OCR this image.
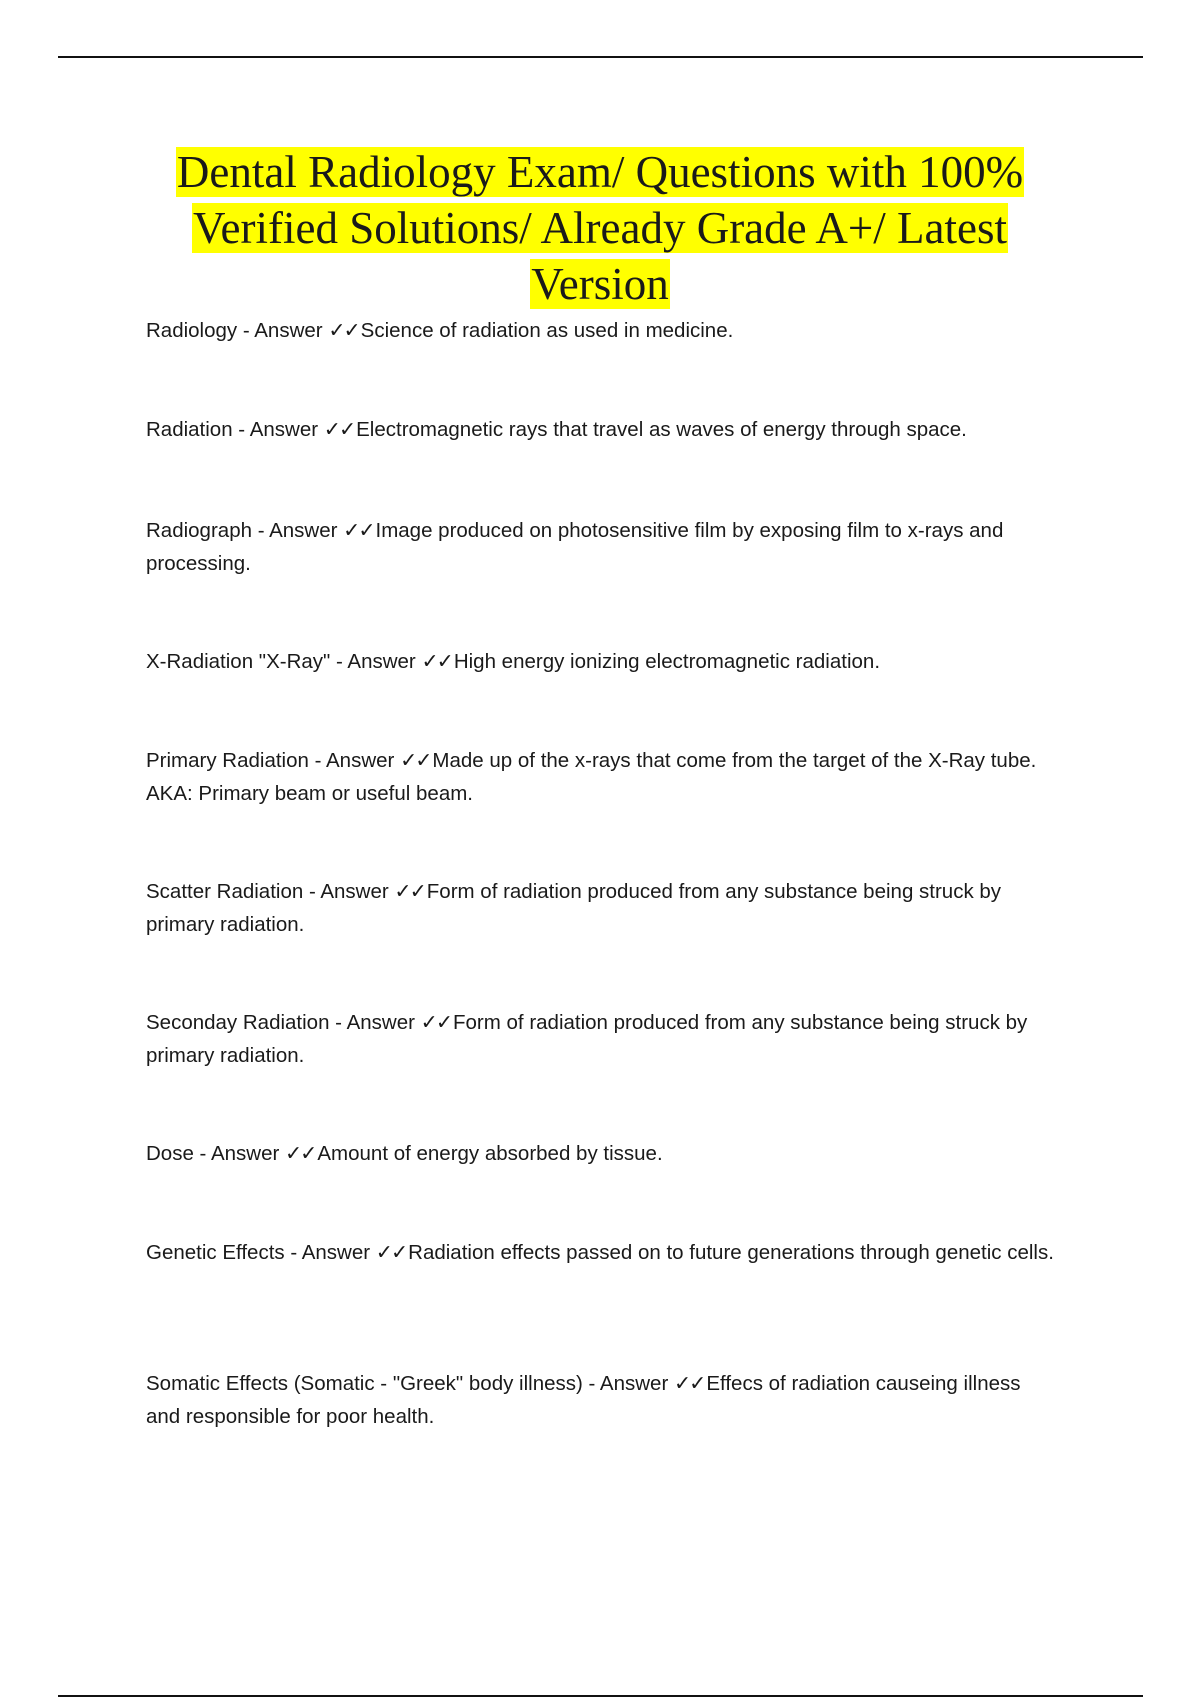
Dental Radiology Exam/ Questions with 100% Verified Solutions/ Already Grade A+/ Latest Version

Radiology - Answer ✓✓Science of radiation as used in medicine.

Radiation - Answer ✓✓Electromagnetic rays that travel as waves of energy through space.

Radiograph - Answer ✓✓Image produced on photosensitive film by exposing film to x-rays and processing.

X-Radiation "X-Ray" - Answer ✓✓High energy ionizing electromagnetic radiation.

Primary Radiation - Answer ✓✓Made up of the x-rays that come from the target of the X-Ray tube. AKA: Primary beam or useful beam.

Scatter Radiation - Answer ✓✓Form of radiation produced from any substance being struck by primary radiation.

Seconday Radiation - Answer ✓✓Form of radiation produced from any substance being struck by primary radiation.

Dose - Answer ✓✓Amount of energy absorbed by tissue.

Genetic Effects - Answer ✓✓Radiation effects passed on to future generations through genetic cells.

Somatic Effects (Somatic - "Greek" body illness) - Answer ✓✓Effecs of radiation causeing illness and responsible for poor health.
